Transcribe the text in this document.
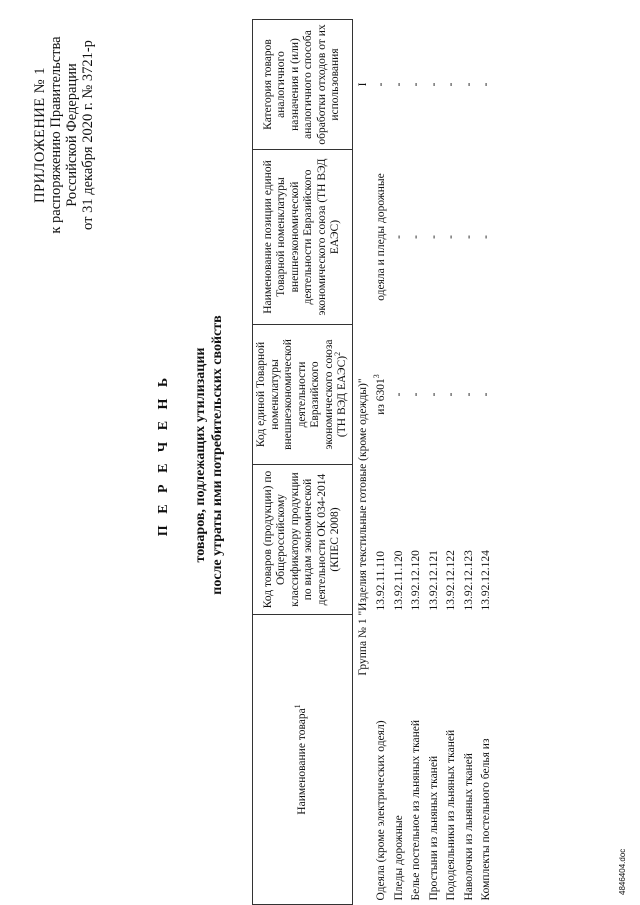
ПРИЛОЖЕНИЕ № 1 к распоряжению Правительства Российской Федерации от 31 декабря 2020 г. № 3721-р
П Е Р Е Ч Е Н Ь товаров, подлежащих утилизации после утраты ими потребительских свойств
Наименование товара$^1$	Код товаров (продукции) по Общероссийскому классификатору продукции по видам экономической деятельности ОК 034-2014 (КПЕС 2008)	Код единой Товарной номенклатуры внешнеэкономической деятельности Евразийского экономического союза (ТН ВЭД ЕАЭС)$^2$	Наименование позиции единой Товарной номенклатуры внешнеэкономической деятельности Евразийского экономического союза (ТН ВЭД ЕАЭС)	Категория товаров аналогичного назначения и (или) аналогичного способа обработки отходов от их использования
Группа № 1 "Изделия текстильные готовые (кроме одежды)"				I
Одеяла (кроме электрических одеял)	13.92.11.110	из 6301$^3$	одеяла и пледы дорожные	-
Пледы дорожные	13.92.11.120	-	-	-
Белье постельное из льняных тканей	13.92.12.120	-	-	-
Простыни из льняных тканей	13.92.12.121	-	-	-
Пододеяльники из льняных тканей	13.92.12.122	-	-	-
Наволочки из льняных тканей	13.92.12.123	-	-	-
Комплекты постельного белья из	13.92.12.124	-	-	-
4846404.doc
